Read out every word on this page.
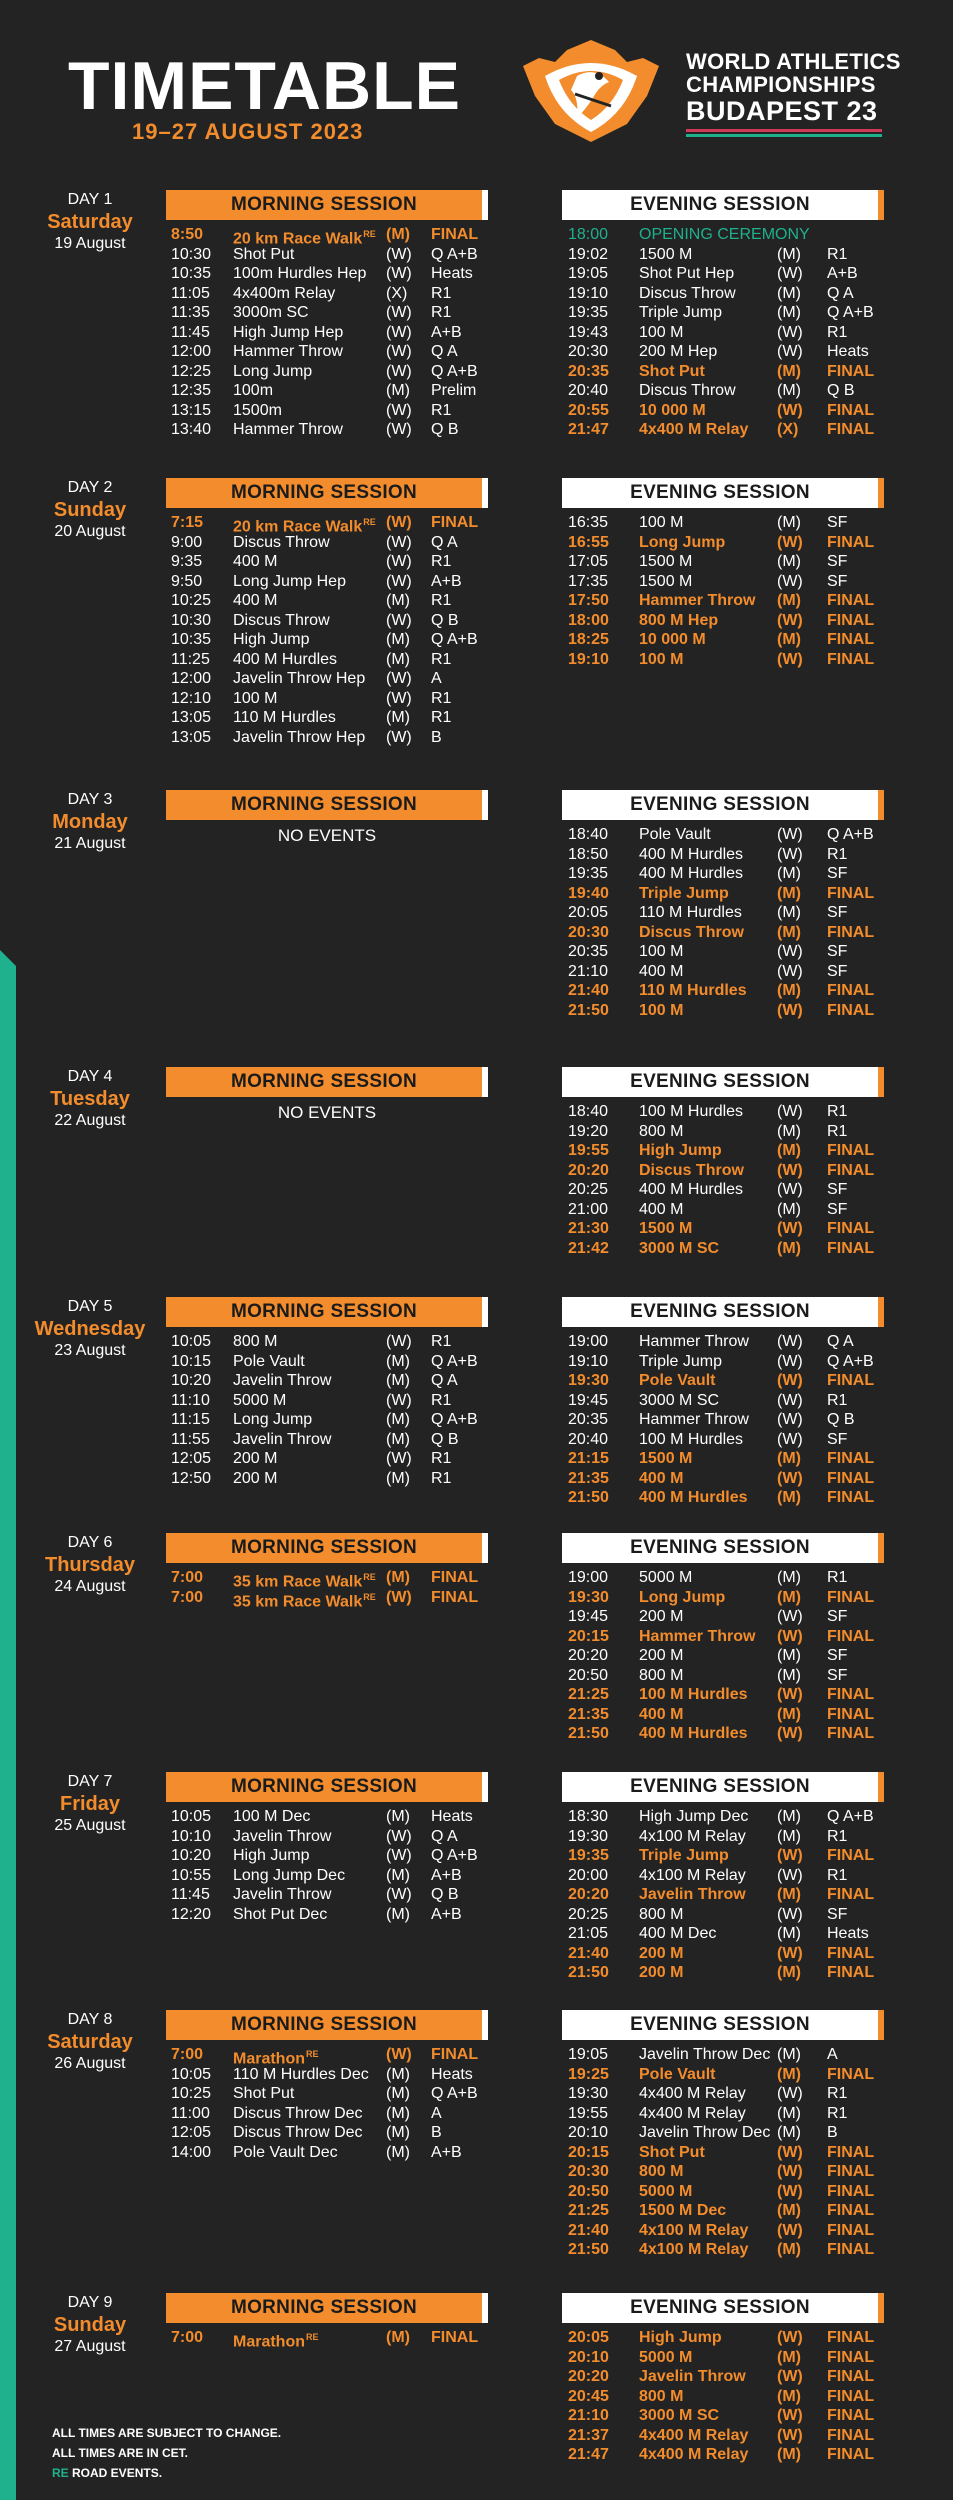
TIMETABLE
19–27 AUGUST 2023
WORLD ATHLETICS
CHAMPIONSHIPS
BUDAPEST 23
DAY 1
Saturday
19 August
MORNING SESSION
8:50 20 km Race Walk$^{RE}$ (M) FINAL
10:30 Shot Put	(W) Q A+B
10:35 100m Hurdles Hep (W) Heats
11:05 4x400m Relay	(X) R1
11:35 3000m SC	(W) R1
11:45 High Jump Hep	(W) A+B
12:00 Hammer Throw	(W) Q A
12:25 Long Jump	(W) Q A+B
12:35 100m	(M) Prelim
13:15 1500m	(W) R1
13:40 Hammer Throw	(W) Q B
EVENING SESSION
18:00 OPENING CEREMONY
19:02 1500 M	(M) R1
19:05 Shot Put Hep	(W) A+B
19:10 Discus Throw	(M) Q A
19:35 Triple Jump	(M) Q A+B
19:43 100 M	(W) R1
20:30 200 M Hep	(W) Heats
20:35 Shot Put	(M) FINAL
20:40 Discus Throw	(M) Q B
20:55 10 000 M	(W) FINAL
21:47 4x400 M Relay (X) FINAL
DAY 2
Sunday
20 August
MORNING SESSION
7:15 20 km Race Walk$^{RE}$ (W) FINAL
9:00 Discus Throw	(W) Q A
9:35 400 M	(W) R1
9:50 Long Jump Hep	(W) A+B
10:25 400 M	(M) R1
10:30 Discus Throw	(W) Q B
10:35 High Jump	(M) Q A+B
11:25 400 M Hurdles	(M) R1
12:00 Javelin Throw Hep (W) A
12:10 100 M	(W) R1
13:05 110 M Hurdles	(M) R1
13:05 Javelin Throw Hep (W) B
EVENING SESSION
16:35 100 M	(M) SF
16:55 Long Jump	(W) FINAL
17:05 1500 M	(M) SF
17:35 1500 M	(W) SF
17:50 Hammer Throw (M) FINAL
18:00 800 M Hep	(W) FINAL
18:25 10 000 M	(M) FINAL
19:10 100 M	(W) FINAL
DAY 3
Monday
21 August
MORNING SESSION
NO EVENTS
EVENING SESSION
18:40 Pole Vault	(W) Q A+B
18:50 400 M Hurdles (W) R1
19:35 400 M Hurdles (M) SF
19:40 Triple Jump	(M) FINAL
20:05 110 M Hurdles (M) SF
20:30 Discus Throw (M) FINAL
20:35 100 M	(W) SF
21:10 400 M	(W) SF
21:40 110 M Hurdles (M) FINAL
21:50 100 M	(W) FINAL
DAY 4
Tuesday
22 August
MORNING SESSION
NO EVENTS
EVENING SESSION
18:40 100 M Hurdles (W) R1
19:20 800 M	(M) R1
19:55 High Jump	(M) FINAL
20:20 Discus Throw (W) FINAL
20:25 400 M Hurdles (W) SF
21:00 400 M	(M) SF
21:30 1500 M	(W) FINAL
21:42 3000 M SC	(M) FINAL
DAY 5
Wednesday
23 August
MORNING SESSION
10:05 800 M	(W) R1
10:15 Pole Vault	(M) Q A+B
10:20 Javelin Throw	(M) Q A
11:10 5000 M	(W) R1
11:15 Long Jump	(M) Q A+B
11:55 Javelin Throw	(M) Q B
12:05 200 M	(W) R1
12:50 200 M	(M) R1
EVENING SESSION
19:00 Hammer Throw (W) Q A
19:10 Triple Jump	(W) Q A+B
19:30 Pole Vault	(W) FINAL
19:45 3000 M SC	(W) R1
20:35 Hammer Throw (W) Q B
20:40 100 M Hurdles (W) SF
21:15 1500 M	(M) FINAL
21:35 400 M	(W) FINAL
21:50 400 M Hurdles (M) FINAL
DAY 6
Thursday
24 August
MORNING SESSION
7:00 35 km Race Walk$^{RE}$ (M) FINAL
7:00 35 km Race Walk$^{RE}$ (W) FINAL
EVENING SESSION
19:00 5000 M	(M) R1
19:30 Long Jump	(M) FINAL
19:45 200 M	(W) SF
20:15 Hammer Throw (W) FINAL
20:20 200 M	(M) SF
20:50 800 M	(M) SF
21:25 100 M Hurdles (W) FINAL
21:35 400 M	(M) FINAL
21:50 400 M Hurdles (W) FINAL
DAY 7
Friday
25 August
MORNING SESSION
10:05 100 M Dec	(M) Heats
10:10 Javelin Throw	(W) Q A
10:20 High Jump	(W) Q A+B
10:55 Long Jump Dec	(M) A+B
11:45 Javelin Throw	(W) Q B
12:20 Shot Put Dec	(M) A+B
EVENING SESSION
18:30 High Jump Dec (M) Q A+B
19:30 4x100 M Relay (M) R1
19:35 Triple Jump	(W) FINAL
20:00 4x100 M Relay (W) R1
20:20 Javelin Throw (M) FINAL
20:25 800 M	(W) SF
21:05 400 M Dec	(M) Heats
21:40 200 M	(W) FINAL
21:50 200 M	(M) FINAL
DAY 8
Saturday
26 August
MORNING SESSION
7:00 Marathon$^{RE}$	(W) FINAL
10:05 110 M Hurdles Dec (M) Heats
10:25 Shot Put	(M) Q A+B
11:00 Discus Throw Dec (M) A
12:05 Discus Throw Dec (M) B
14:00 Pole Vault Dec	(M) A+B
EVENING SESSION
19:05 Javelin Throw Dec (M) A
19:25 Pole Vault	(M) FINAL
19:30 4x400 M Relay (W) R1
19:55 4x400 M Relay (M) R1
20:10 Javelin Throw Dec (M) B
20:15 Shot Put	(W) FINAL
20:30 800 M	(W) FINAL
20:50 5000 M	(W) FINAL
21:25 1500 M Dec	(M) FINAL
21:40 4x100 M Relay (W) FINAL
21:50 4x100 M Relay (M) FINAL
DAY 9
Sunday
27 August
MORNING SESSION
7:00 Marathon$^{RE}$	(M) FINAL
EVENING SESSION
20:05 High Jump	(W) FINAL
20:10 5000 M	(M) FINAL
20:20 Javelin Throw (W) FINAL
20:45 800 M	(M) FINAL
21:10 3000 M SC	(W) FINAL
21:37 4x400 M Relay (W) FINAL
21:47 4x400 M Relay (M) FINAL
ALL TIMES ARE SUBJECT TO CHANGE.
ALL TIMES ARE IN CET.
RE ROAD EVENTS.
